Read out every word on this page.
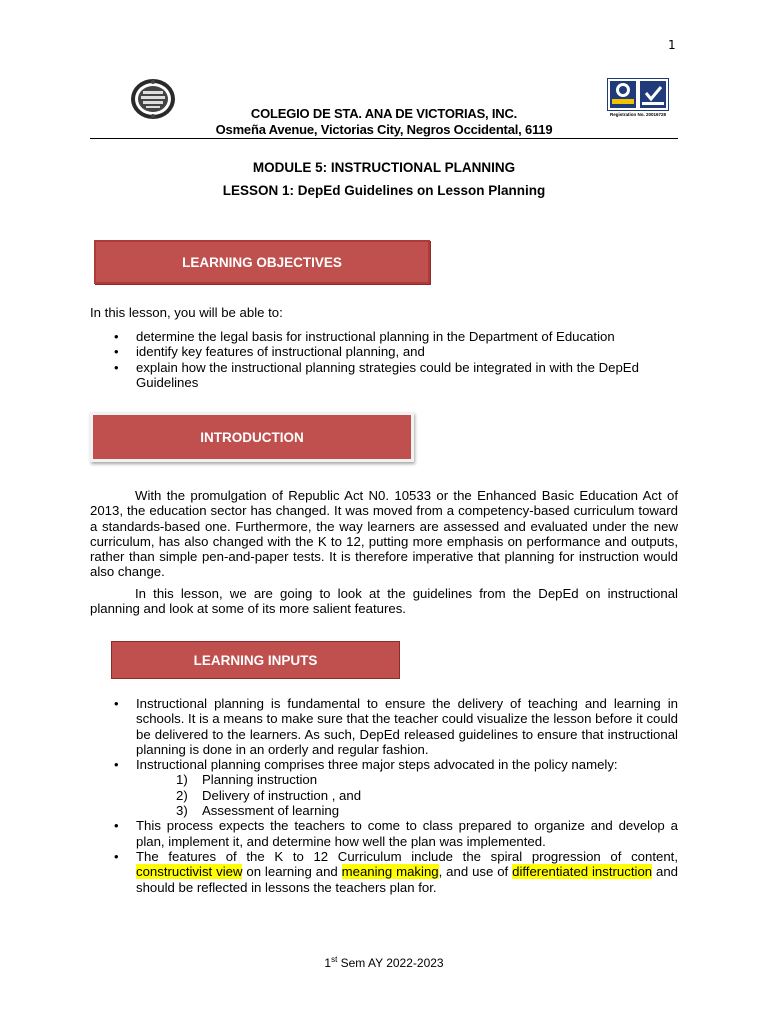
1
Registration No. 20016728
COLEGIO DE STA. ANA DE VICTORIAS, INC.
Osmeña Avenue, Victorias City, Negros Occidental, 6119
MODULE 5: INSTRUCTIONAL PLANNING
LESSON 1: DepEd Guidelines on Lesson Planning
LEARNING OBJECTIVES
In this lesson, you will be able to:
• determine the legal basis for instructional planning in the Department of Education
• identify key features of instructional planning, and
• explain how the instructional planning strategies could be integrated in with the DepEd Guidelines
INTRODUCTION

With the promulgation of Republic Act N0. 10533 or the Enhanced Basic Education Act of 2013, the education sector has changed. It was moved from a competency-based curriculum toward a standards-based one. Furthermore, the way learners are assessed and evaluated under the new curriculum, has also changed with the K to 12, putting more emphasis on performance and outputs, rather than simple pen-and-paper tests. It is therefore imperative that planning for instruction would also change.

In this lesson, we are going to look at the guidelines from the DepEd on instructional planning and look at some of its more salient features.

LEARNING INPUTS
• Instructional planning is fundamental to ensure the delivery of teaching and learning in schools. It is a means to make sure that the teacher could visualize the lesson before it could be delivered to the learners. As such, DepEd released guidelines to ensure that instructional planning is done in an orderly and regular fashion.
• Instructional planning comprises three major steps advocated in the policy namely:
1) Planning instruction
2) Delivery of instruction , and
3) Assessment of learning
• This process expects the teachers to come to class prepared to organize and develop a plan, implement it, and determine how well the plan was implemented.
• The features of the K to 12 Curriculum include the spiral progression of content, constructivist view on learning and meaning making, and use of differentiated instruction and should be reflected in lessons the teachers plan for.
1st Sem AY 2022-2023
